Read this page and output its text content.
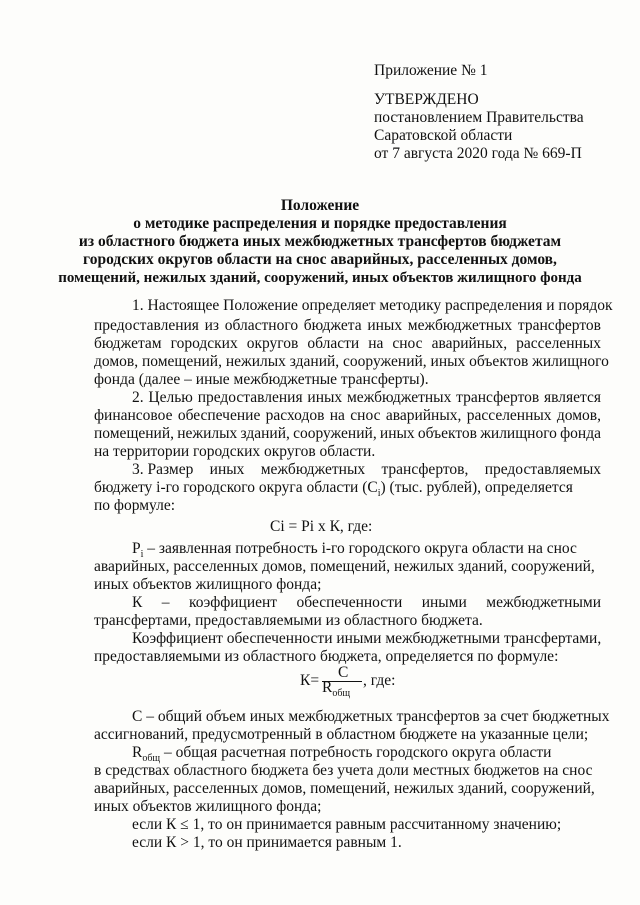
Приложение № 1
УТВЕРЖДЕНО
постановлением Правительства
Саратовской области
от 7 августа 2020 года № 669-П
Положение
о методике распределения и порядке предоставления
из областного бюджета иных межбюджетных трансфертов бюджетам
городских округов области на снос аварийных, расселенных домов,
помещений, нежилых зданий, сооружений, иных объектов жилищного фонда
1. Настоящее Положение определяет методику распределения и порядок
предоставления из областного бюджета иных межбюджетных трансфертов
бюджетам городских округов области на снос аварийных, расселенных
домов, помещений, нежилых зданий, сооружений, иных объектов жилищного
фонда (далее – иные межбюджетные трансферты).
2. Целью предоставления иных межбюджетных трансфертов является
финансовое обеспечение расходов на снос аварийных, расселенных домов,
помещений, нежилых зданий, сооружений, иных объектов жилищного фонда
на территории городских округов области.
3. Размер иных межбюджетных трансфертов, предоставляемых
бюджету i-го городского округа области $(C_i)$ (тыс. рублей), определяется
по формуле:
Ci = Pi х К, где:
$P_i$ – заявленная потребность i-го городского округа области на снос
аварийных, расселенных домов, помещений, нежилых зданий, сооружений,
иных объектов жилищного фонда;
К – коэффициент обеспеченности иными межбюджетными
трансфертами, предоставляемыми из областного бюджета.
Коэффициент обеспеченности иными межбюджетными трансфертами,
предоставляемыми из областного бюджета, определяется по формуле:
К= C
$R_{общ}$
, где:
C – общий объем иных межбюджетных трансфертов за счет бюджетных
ассигнований, предусмотренный в областном бюджете на указанные цели;
$R_{общ}$ – общая расчетная потребность городского округа области
в средствах областного бюджета без учета доли местных бюджетов на снос
аварийных, расселенных домов, помещений, нежилых зданий, сооружений,
иных объектов жилищного фонда;
если К ≤ 1, то он принимается равным рассчитанному значению;
если К > 1, то он принимается равным 1.
